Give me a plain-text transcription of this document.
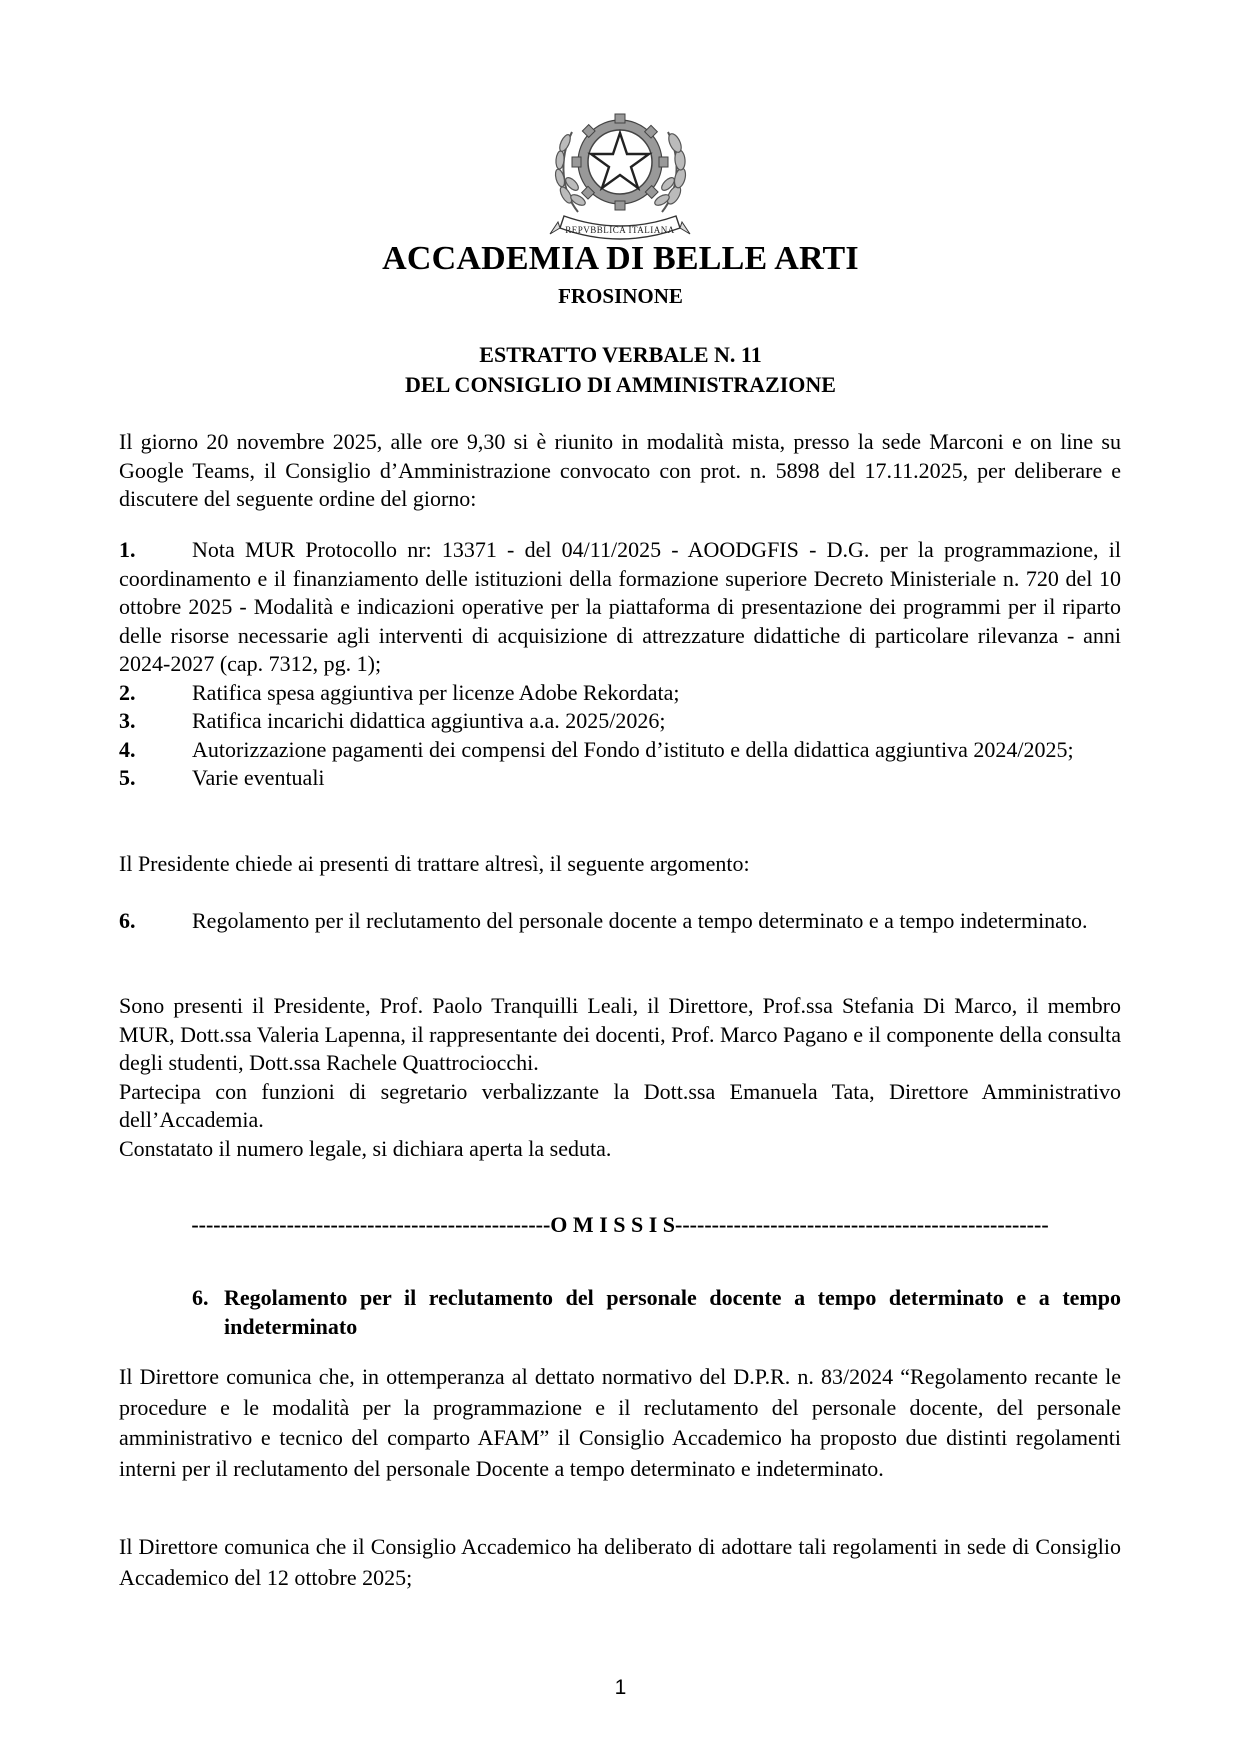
REPVBBLICA ITALIANA
ACCADEMIA DI BELLE ARTI
FROSINONE
ESTRATTO VERBALE N. 11
DEL CONSIGLIO DI AMMINISTRAZIONE

Il giorno 20 novembre 2025, alle ore 9,30 si è riunito in modalità mista, presso la sede Marconi e on line su Google Teams, il Consiglio d’Amministrazione convocato con prot. n. 5898 del 17.11.2025, per deliberare e discutere del seguente ordine del giorno:

1.	Nota MUR Protocollo nr: 13371 - del 04/11/2025 - AOODGFIS - D.G. per la programmazione, il coordinamento e il finanziamento delle istituzioni della formazione superiore Decreto Ministeriale n. 720 del 10 ottobre 2025 - Modalità e indicazioni operative per la piattaforma di presentazione dei programmi per il riparto delle risorse necessarie agli interventi di acquisizione di attrezzature didattiche di particolare rilevanza - anni 2024-2027 (cap. 7312, pg. 1);
2.	Ratifica spesa aggiuntiva per licenze Adobe Rekordata;
3.	Ratifica incarichi didattica aggiuntiva a.a. 2025/2026;
4.	Autorizzazione pagamenti dei compensi del Fondo d’istituto e della didattica aggiuntiva 2024/2025;
5.	Varie eventuali

Il Presidente chiede ai presenti di trattare altresì, il seguente argomento:

6.	Regolamento per il reclutamento del personale docente a tempo determinato e a tempo indeterminato.

Sono presenti il Presidente, Prof. Paolo Tranquilli Leali, il Direttore, Prof.ssa Stefania Di Marco, il membro MUR, Dott.ssa Valeria Lapenna, il rappresentante dei docenti, Prof. Marco Pagano e il componente della consulta degli studenti, Dott.ssa Rachele Quattrociocchi.

Partecipa con funzioni di segretario verbalizzante la Dott.ssa Emanuela Tata, Direttore Amministrativo dell’Accademia.

Constatato il numero legale, si dichiara aperta la seduta.

-------------------------------------------------O M I S S I S---------------------------------------------------
6. Regolamento per il reclutamento del personale docente a tempo determinato e a tempo indeterminato

Il Direttore comunica che, in ottemperanza al dettato normativo del D.P.R. n. 83/2024 “Regolamento recante le procedure e le modalità per la programmazione e il reclutamento del personale docente, del personale amministrativo e tecnico del comparto AFAM” il Consiglio Accademico ha proposto due distinti regolamenti interni per il reclutamento del personale Docente a tempo determinato e indeterminato.

Il Direttore comunica che il Consiglio Accademico ha deliberato di adottare tali regolamenti in sede di Consiglio Accademico del 12 ottobre 2025;

1
